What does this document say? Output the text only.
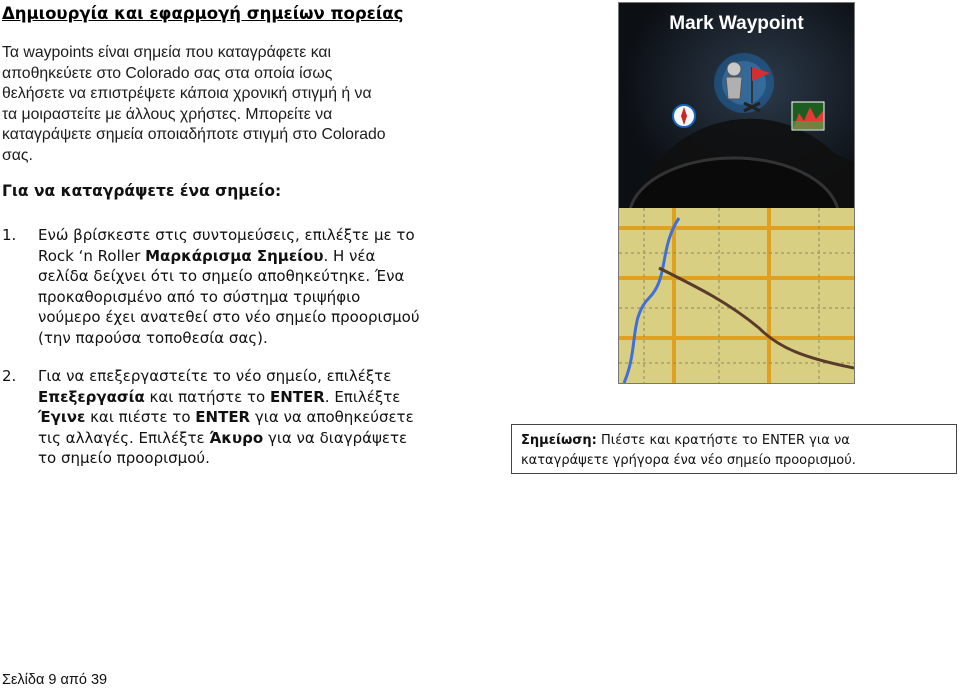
Δημιουργία και εφαρμογή σημείων πορείας
Τα waypoints είναι σημεία που καταγράφετε και
αποθηκεύετε στο Colorado σας στα οποία ίσως
θελήσετε να επιστρέψετε κάποια χρονική στιγμή ή να
τα μοιραστείτε με άλλους χρήστες. Μπορείτε να
καταγράψετε σημεία οποιαδήποτε στιγμή στο Colorado
σας.
Για να καταγράψετε ένα σημείο:
1. Ενώ βρίσκεστε στις συντομεύσεις, επιλέξτε με το
Rock ‘n Roller Μαρκάρισμα Σημείου. Η νέα
σελίδα δείχνει ότι το σημείο αποθηκεύτηκε. Ένα
προκαθορισμένο από το σύστημα τριψήφιο
νούμερο έχει ανατεθεί στο νέο σημείο προορισμού
(την παρούσα τοποθεσία σας).
2. Για να επεξεργαστείτε το νέο σημείο, επιλέξτε
Επεξεργασία και πατήστε το ENTER. Επιλέξτε
Έγινε και πιέστε το ENTER για να αποθηκεύσετε
τις αλλαγές. Επιλέξτε Άκυρο για να διαγράψετε
το σημείο προορισμού.
Mark Waypoint
Σημείωση: Πιέστε και κρατήστε το ENTER για να
καταγράψετε γρήγορα ένα νέο σημείο προορισμού.
Σελίδα 9 από 39
